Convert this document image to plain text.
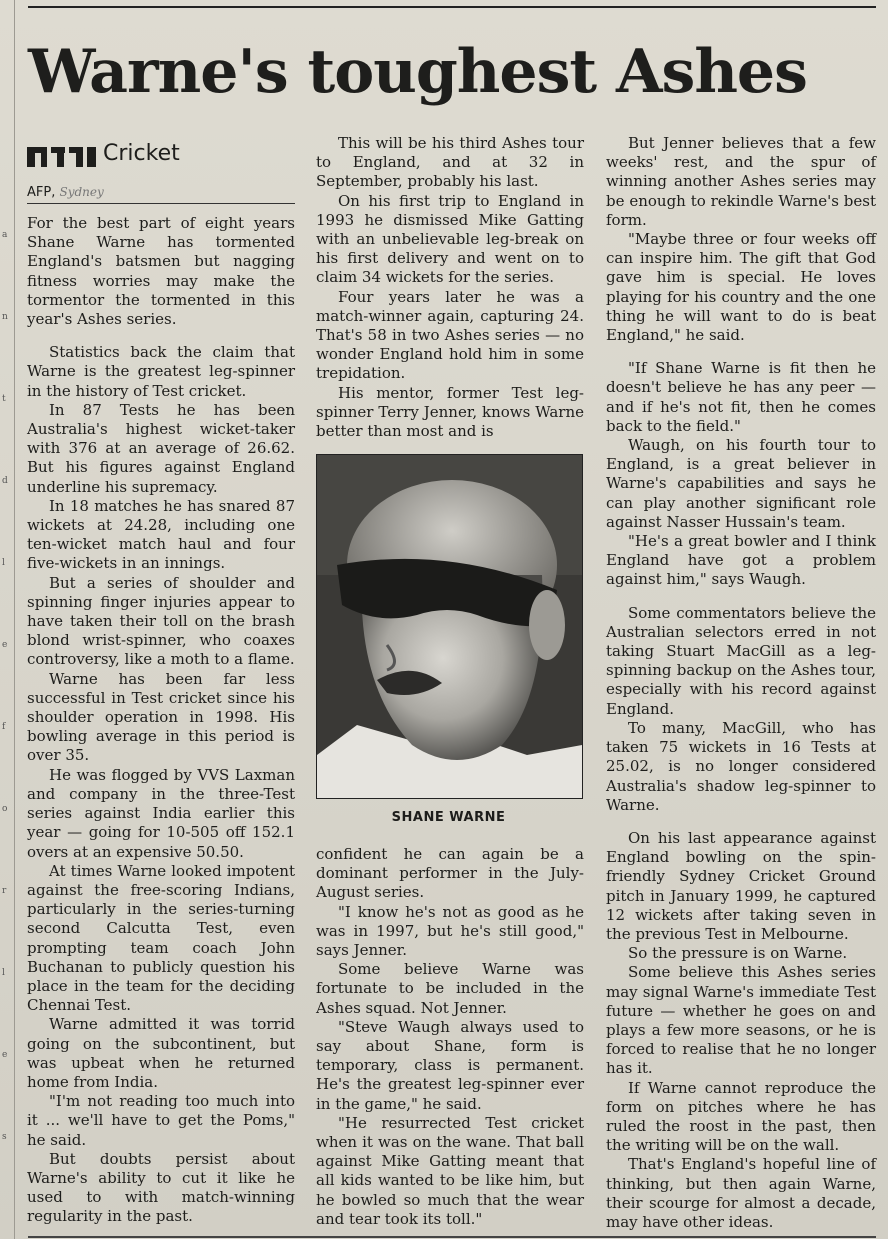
a
n
t
d
l
e
f
o
r
l
e
s
Warne's toughest Ashes
Cricket
AFP, Sydney

For the best part of eight years Shane Warne has tormented England's batsmen but nagging fitness worries may make the tormentor the tormented in this year's Ashes series.

Statistics back the claim that Warne is the greatest leg-spinner in the history of Test cricket.

In 87 Tests he has been Australia's highest wicket-taker with 376 at an average of 26.62. But his figures against England underline his supremacy.

In 18 matches he has snared 87 wickets at 24.28, including one ten-wicket match haul and four five-wickets in an innings.

But a series of shoulder and spinning finger injuries appear to have taken their toll on the brash blond wrist-spinner, who coaxes controversy, like a moth to a flame.

Warne has been far less successful in Test cricket since his shoulder operation in 1998. His bowling average in this period is over 35.

He was flogged by VVS Laxman and company in the three-Test series against India earlier this year — going for 10-505 off 152.1 overs at an expensive 50.50.

At times Warne looked impotent against the free-scoring Indians, particularly in the series-turning second Calcutta Test, even prompting team coach John Buchanan to publicly question his place in the team for the deciding Chennai Test.

Warne admitted it was torrid going on the subcontinent, but was upbeat when he returned home from India.

"I'm not reading too much into it ... we'll have to get the Poms," he said.

But doubts persist about Warne's ability to cut it like he used to with match-winning regularity in the past.

This will be his third Ashes tour to England, and at 32 in September, probably his last.

On his first trip to England in 1993 he dismissed Mike Gatting with an unbelievable leg-break on his first delivery and went on to claim 34 wickets for the series.

Four years later he was a match-winner again, capturing 24. That's 58 in two Ashes series — no wonder England hold him in some trepidation.

His mentor, former Test leg-spinner Terry Jenner, knows Warne better than most and is

SHANE WARNE

confident he can again be a dominant performer in the July-August series.

"I know he's not as good as he was in 1997, but he's still good," says Jenner.

Some believe Warne was fortunate to be included in the Ashes squad. Not Jenner.

"Steve Waugh always used to say about Shane, form is temporary, class is permanent. He's the greatest leg-spinner ever in the game," he said.

"He resurrected Test cricket when it was on the wane. That ball against Mike Gatting meant that all kids wanted to be like him, but he bowled so much that the wear and tear took its toll."

But Jenner believes that a few weeks' rest, and the spur of winning another Ashes series may be enough to rekindle Warne's best form.

"Maybe three or four weeks off can inspire him. The gift that God gave him is special. He loves playing for his country and the one thing he will want to do is beat England," he said.

"If Shane Warne is fit then he doesn't believe he has any peer — and if he's not fit, then he comes back to the field."

Waugh, on his fourth tour to England, is a great believer in Warne's capabilities and says he can play another significant role against Nasser Hussain's team.

"He's a great bowler and I think England have got a problem against him," says Waugh.

Some commentators believe the Australian selectors erred in not taking Stuart MacGill as a leg-spinning backup on the Ashes tour, especially with his record against England.

To many, MacGill, who has taken 75 wickets in 16 Tests at 25.02, is no longer considered Australia's shadow leg-spinner to Warne.

On his last appearance against England bowling on the spin-friendly Sydney Cricket Ground pitch in January 1999, he captured 12 wickets after taking seven in the previous Test in Melbourne.

So the pressure is on Warne.

Some believe this Ashes series may signal Warne's immediate Test future — whether he goes on and plays a few more seasons, or he is forced to realise that he no longer has it.

If Warne cannot reproduce the form on pitches where he has ruled the roost in the past, then the writing will be on the wall.

That's England's hopeful line of thinking, but then again Warne, their scourge for almost a decade, may have other ideas.
